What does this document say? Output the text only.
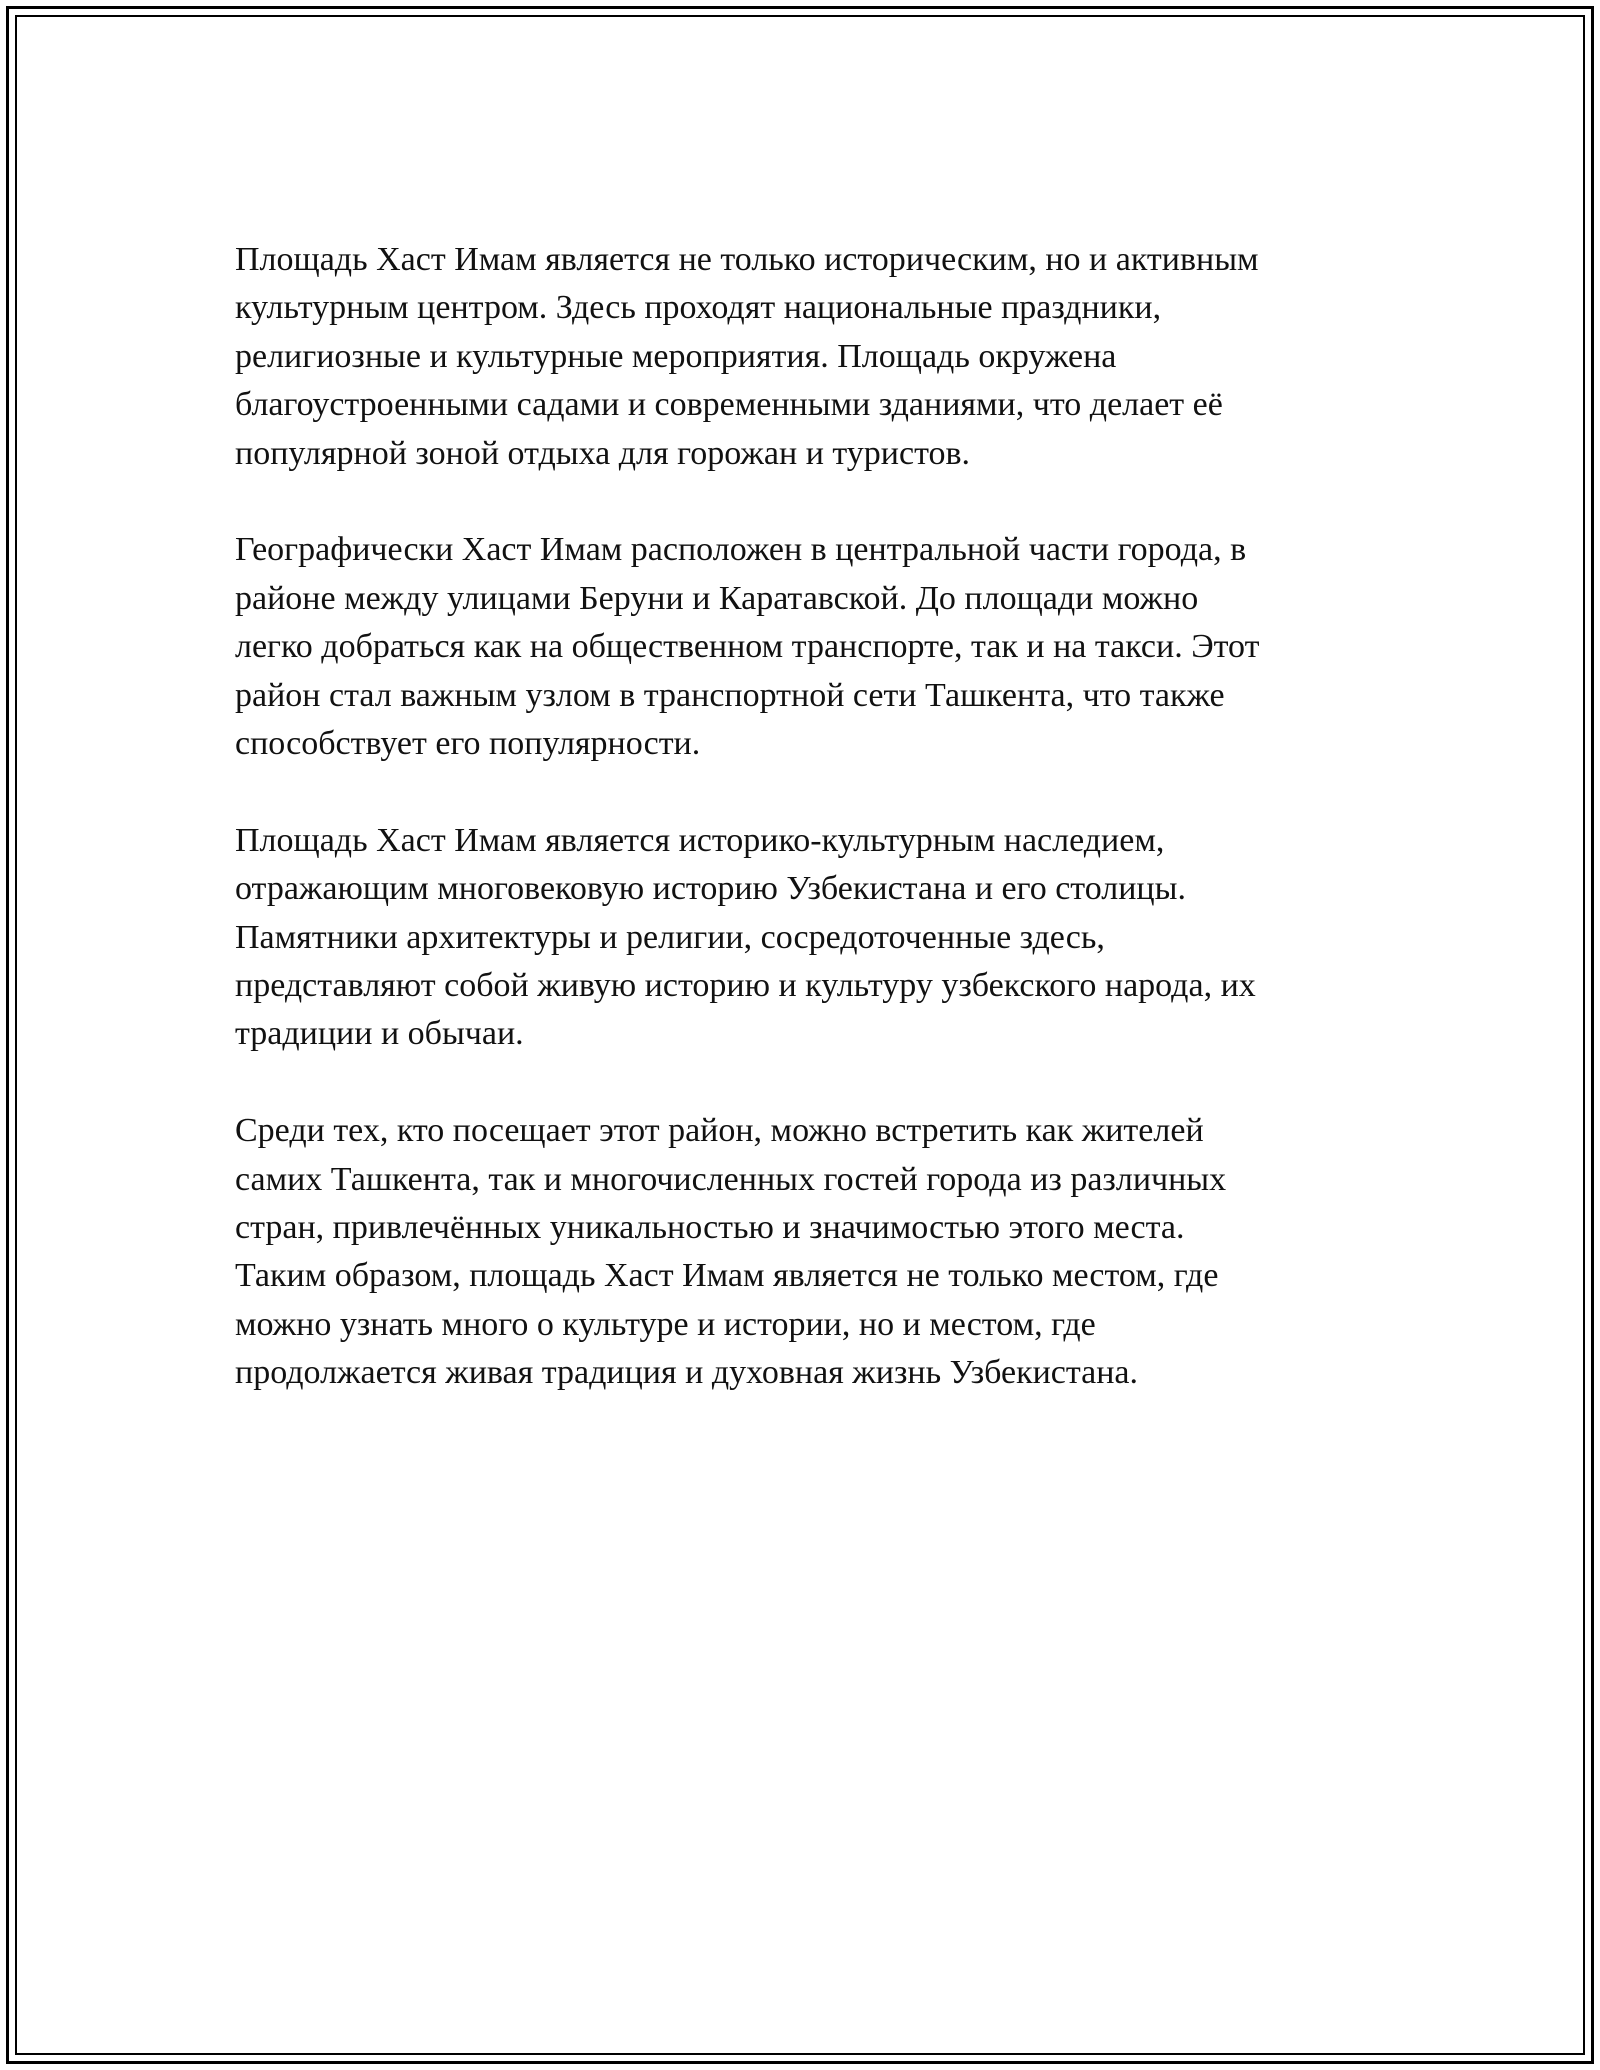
Площадь Хаст Имам является не только историческим, но и активным
культурным центром. Здесь проходят национальные праздники,
религиозные и культурные мероприятия. Площадь окружена
благоустроенными садами и современными зданиями, что делает её
популярной зоной отдыха для горожан и туристов.

Географически Хаст Имам расположен в центральной части города, в
районе между улицами Беруни и Каратавской. До площади можно
легко добраться как на общественном транспорте, так и на такси. Этот
район стал важным узлом в транспортной сети Ташкента, что также
способствует его популярности.

Площадь Хаст Имам является историко-культурным наследием,
отражающим многовековую историю Узбекистана и его столицы.
Памятники архитектуры и религии, сосредоточенные здесь,
представляют собой живую историю и культуру узбекского народа, их
традиции и обычаи.

Среди тех, кто посещает этот район, можно встретить как жителей
самих Ташкента, так и многочисленных гостей города из различных
стран, привлечённых уникальностью и значимостью этого места.
Таким образом, площадь Хаст Имам является не только местом, где
можно узнать много о культуре и истории, но и местом, где
продолжается живая традиция и духовная жизнь Узбекистана.
